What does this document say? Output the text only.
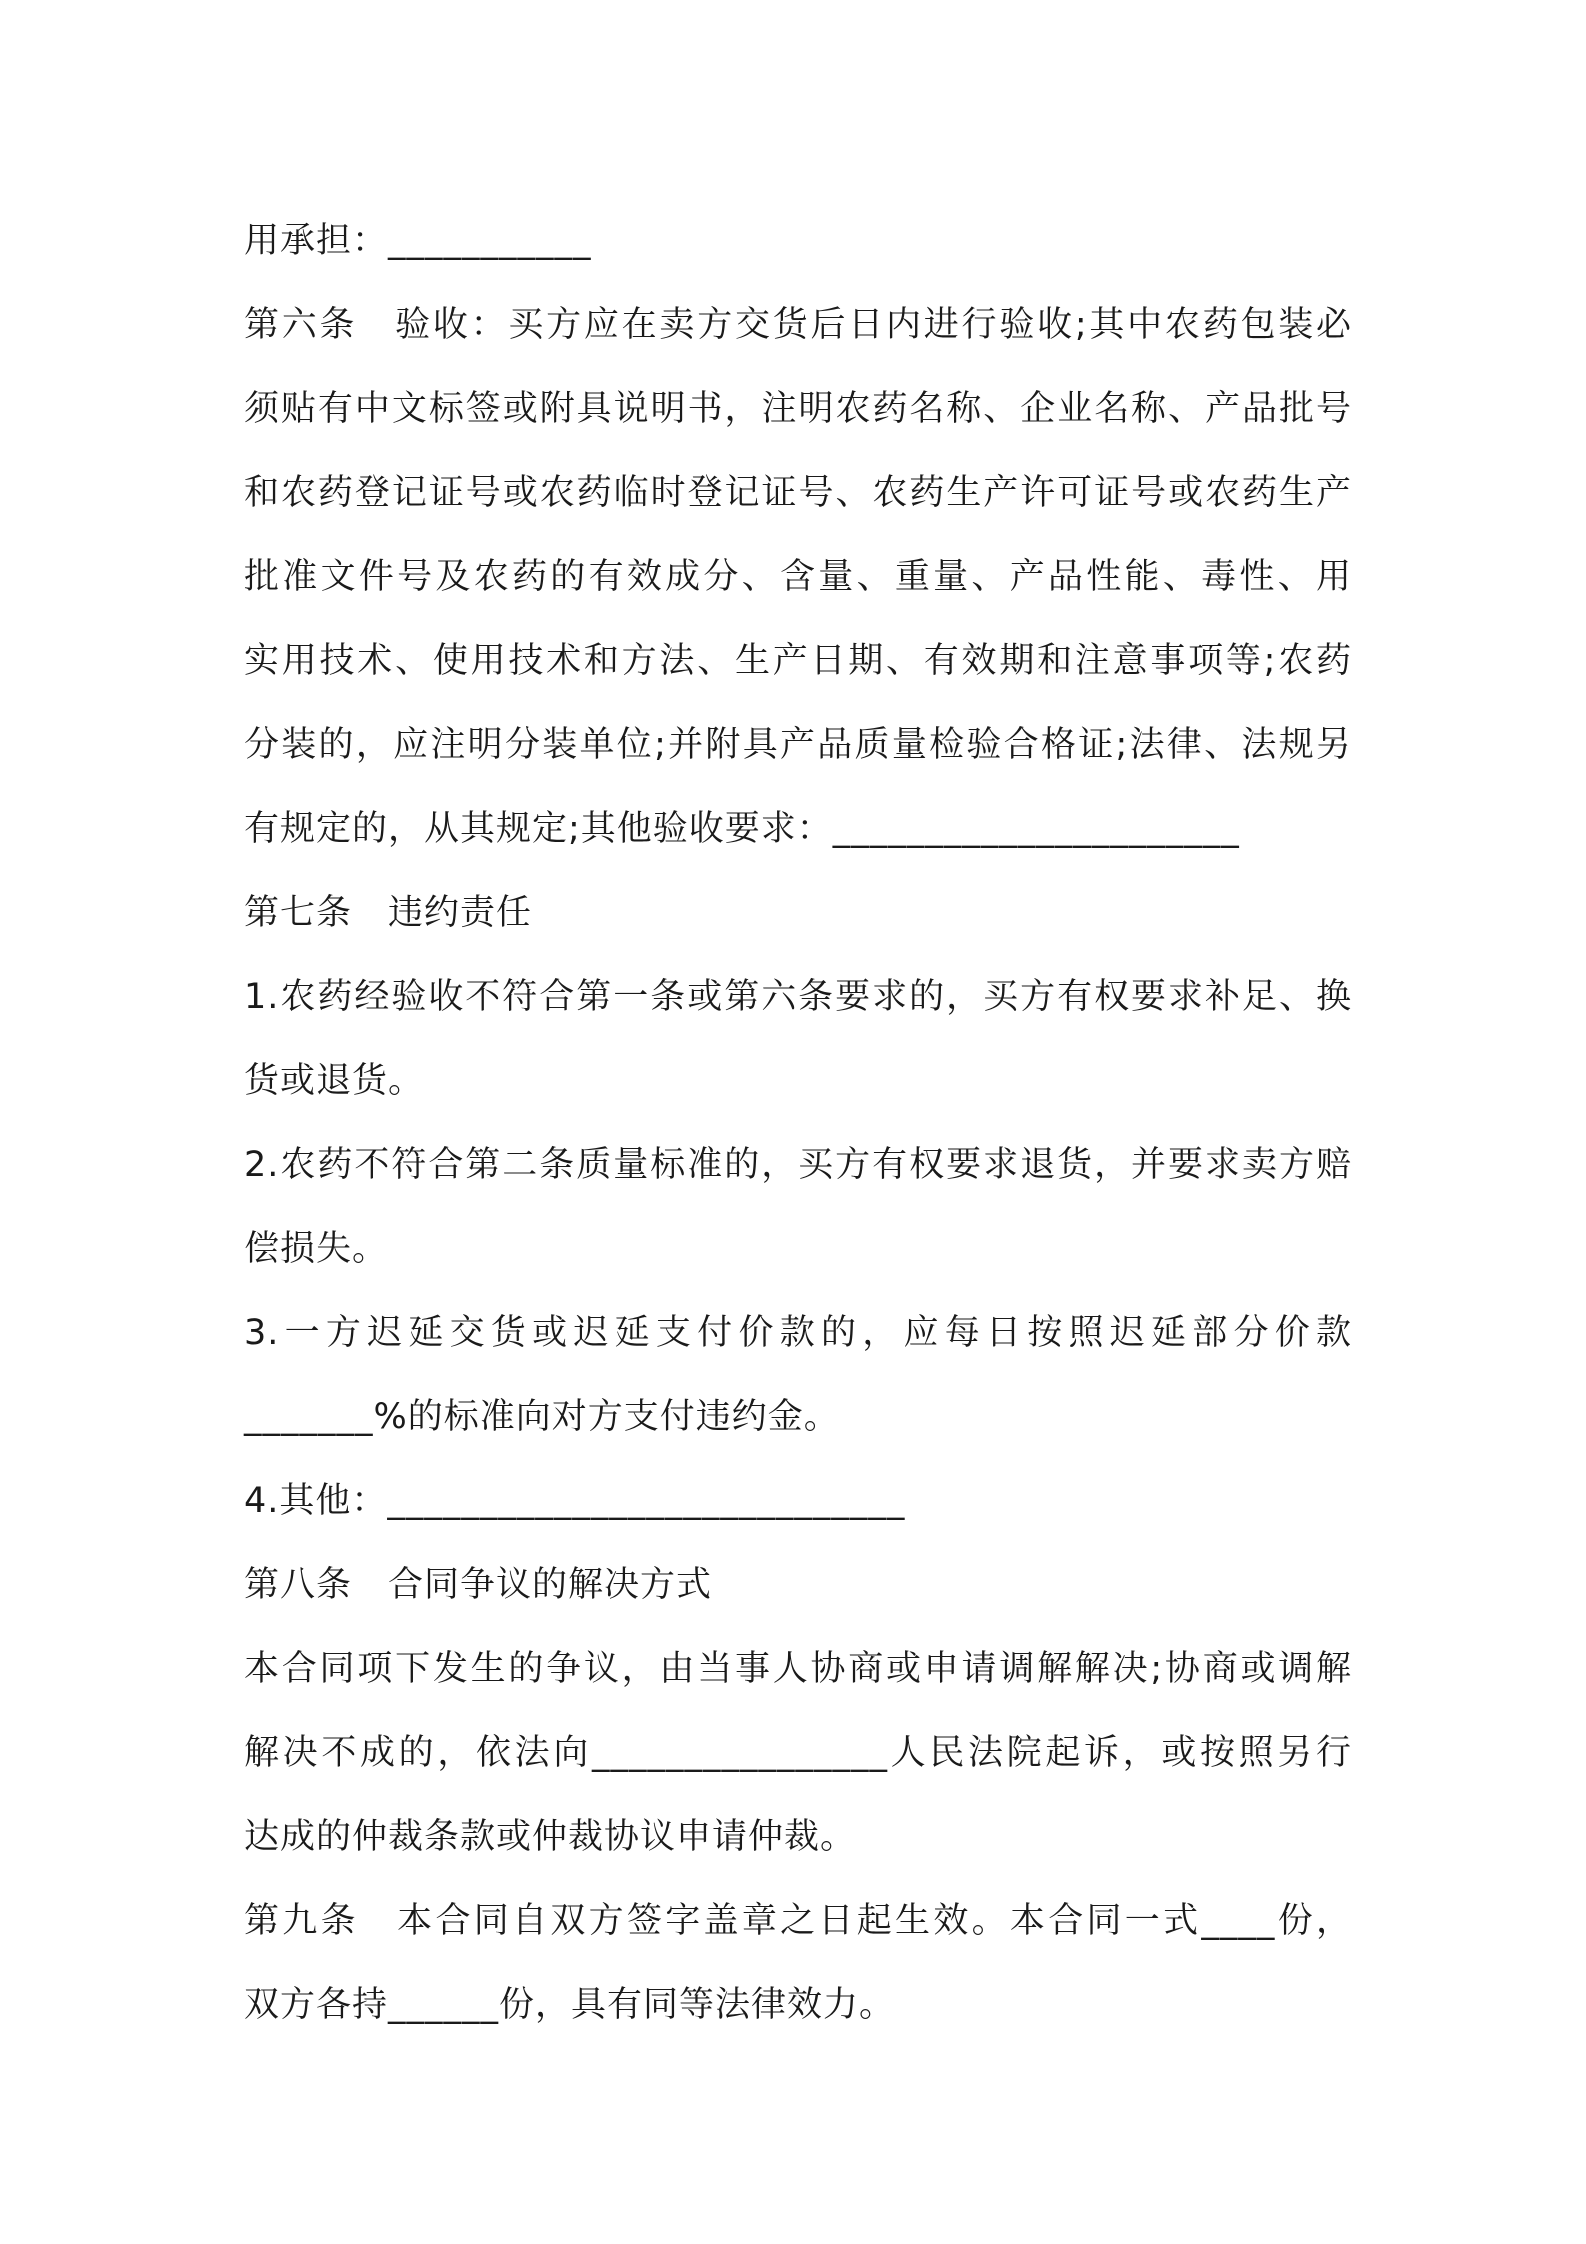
用承担：___________
第六条　验收：买方应在卖方交货后日内进行验收;其中农药包装必
须贴有中文标签或附具说明书，注明农药名称、企业名称、产品批号
和农药登记证号或农药临时登记证号、农药生产许可证号或农药生产
批准文件号及农药的有效成分、含量、重量、产品性能、毒性、用
实用技术、使用技术和方法、生产日期、有效期和注意事项等;农药
分装的，应注明分装单位;并附具产品质量检验合格证;法律、法规另
有规定的，从其规定;其他验收要求：______________________
第七条　违约责任
1.农药经验收不符合第一条或第六条要求的，买方有权要求补足、换
货或退货。
2.农药不符合第二条质量标准的，买方有权要求退货，并要求卖方赔
偿损失。
3.一方迟延交货或迟延支付价款的，应每日按照迟延部分价款
_______%的标准向对方支付违约金。
4.其他：____________________________
第八条　合同争议的解决方式
本合同项下发生的争议，由当事人协商或申请调解解决;协商或调解
解决不成的，依法向________________人民法院起诉，或按照另行
达成的仲裁条款或仲裁协议申请仲裁。
第九条　本合同自双方签字盖章之日起生效。本合同一式____份，
双方各持______份，具有同等法律效力。
